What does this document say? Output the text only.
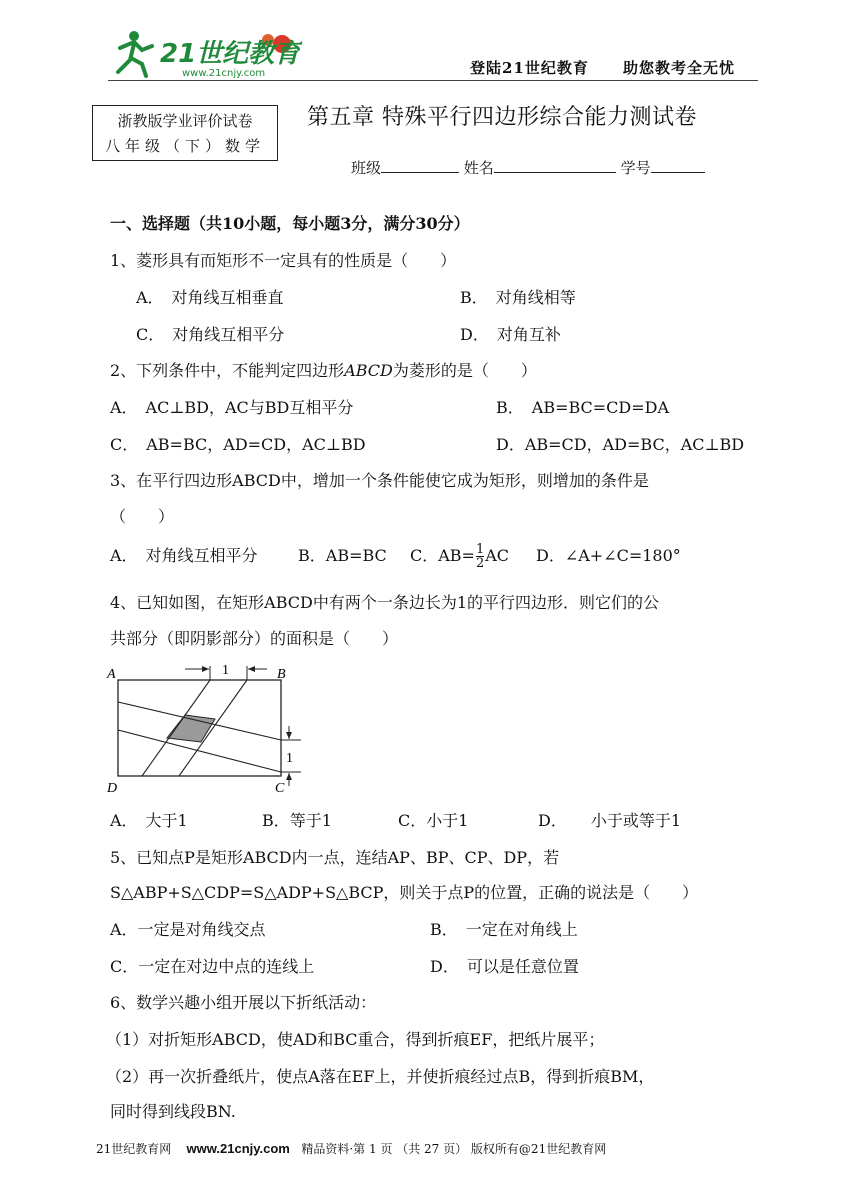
21世纪教育
www.21cnjy.com	登陆21世纪教育 助您教考全无忧
浙教版学业评价试卷
八年级（下）数学
第五章 特殊平行四边形综合能力测试卷
班级	姓名	学号
一、选择题（共10小题，每小题3分，满分30分）
1、菱形具有而矩形不一定具有的性质是（　　）
A．　对角线互相垂直	B．　对角线相等
C．　对角线互相平分	D．　对角互补
2、下列条件中，不能判定四边形ABCD为菱形的是（　　）
A．　AC⊥BD，AC与BD互相平分	B．　AB=BC=CD=DA
C．　AB=BC，AD=CD，AC⊥BD	D．AB=CD，AD=BC，AC⊥BD
3、在平行四边形ABCD中，增加一个条件能使它成为矩形，则增加的条件是
（　　）
A．　对角线互相平分	B．AB=BC C．$AB= \frac{1}{2}$ AC D．∠A+∠C=180°
4、已知如图，在矩形ABCD中有两个一条边长为1的平行四边形．则它们的公
共部分（即阴影部分）的面积是（　　）
1
1
A	B
C
D
A．　大于1	B．等于1	C．小于1	D．　　小于或等于1
5、已知点P是矩形ABCD内一点，连结AP、BP、CP、DP，若
S△ABP+S△CDP=S△ADP+S△BCP，则关于点P的位置，正确的说法是（　　）
A．一定是对角线交点	B．　一定在对角线上
C．一定在对边中点的连线上	D．　可以是任意位置
6、数学兴趣小组开展以下折纸活动：
（1）对折矩形ABCD，使AD和BC重合，得到折痕EF，把纸片展平；
（2）再一次折叠纸片，使点A落在EF上，并使折痕经过点B，得到折痕BM，
同时得到线段BN.
21世纪教育网 www.21cnjy.com 精品资料·第 1 页 （共 27 页） 版权所有@21世纪教育网
